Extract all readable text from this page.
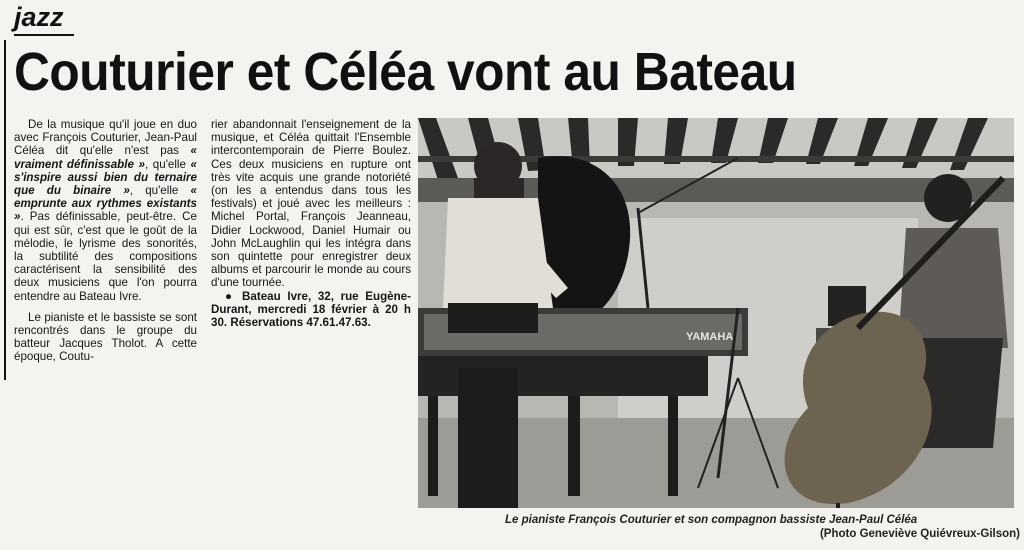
jazz
Couturier et Céléa vont au Bateau

De la musique qu'il joue en duo avec François Couturier, Jean-Paul Céléa dit qu'elle n'est pas « vraiment définissable », qu'elle « s'inspire aussi bien du ternaire que du binaire », qu'elle « emprunte aux rythmes existants ». Pas définissable, peut-être. Ce qui est sûr, c'est que le goût de la mélodie, le lyrisme des sonorités, la subtilité des compositions caractérisent la sensibilité des deux musiciens que l'on pourra entendre au Bateau Ivre.

Le pianiste et le bassiste se sont rencontrés dans le groupe du batteur Jacques Tholot. A cette époque, Coutu-

rier abandonnait l'enseignement de la musique, et Céléa quittait l'Ensemble intercontemporain de Pierre Boulez. Ces deux musiciens en rupture ont très vite acquis une grande notoriété (on les a entendus dans tous les festivals) et joué avec les meilleurs : Michel Portal, François Jeanneau, Didier Lockwood, Daniel Humair ou John McLaughlin qui les intégra dans son quintette pour enregistrer deux albums et parcourir le monde au cours d'une tournée.

● Bateau Ivre, 32, rue Eugène-Durant, mercredi 18 février à 20 h 30. Réservations 47.61.47.63.

YAMAHA
Le pianiste François Couturier et son compagnon bassiste Jean-Paul Céléa
(Photo Geneviève Quiévreux-Gilson)
